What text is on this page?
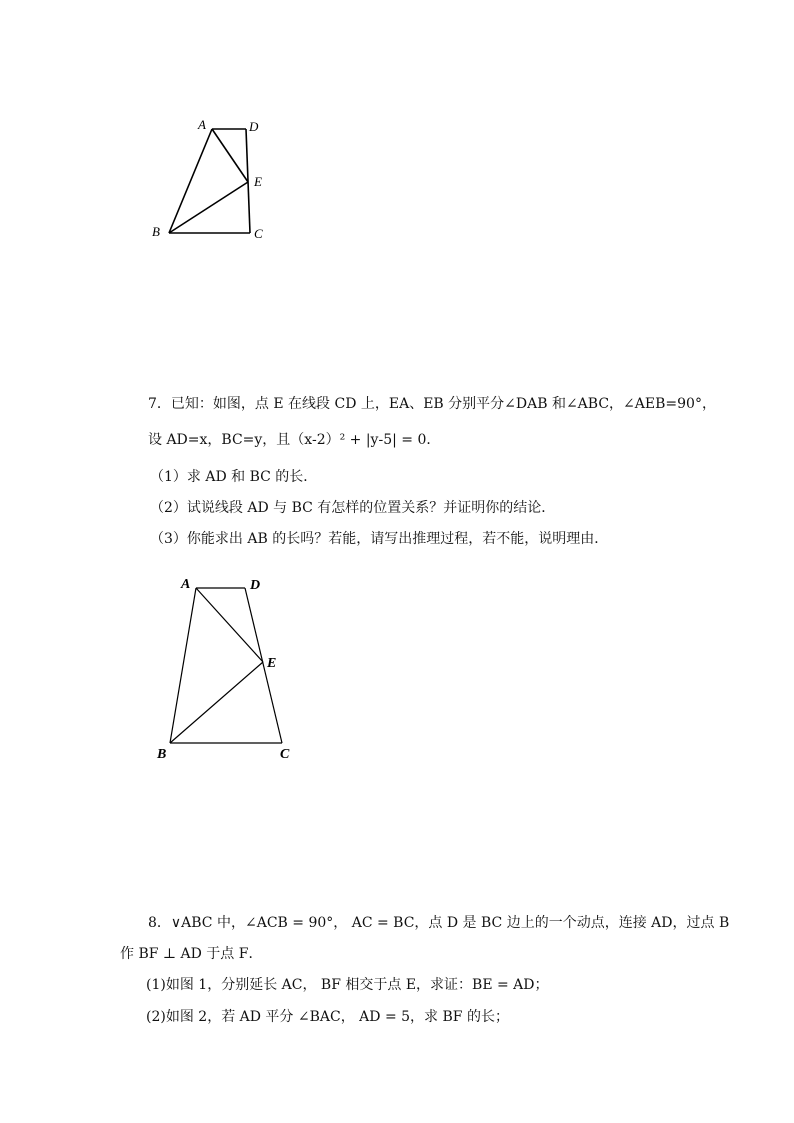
A	D
E
B	C
7．已知：如图，点 E 在线段 CD 上，EA、EB 分别平分∠DAB 和∠ABC，∠AEB=90°，
设 AD=x，BC=y，且（x-2）² + |y-5| = 0．
（1）求 AD 和 BC 的长．
（2）试说线段 AD 与 BC 有怎样的位置关系？并证明你的结论．
（3）你能求出 AB 的长吗？若能，请写出推理过程，若不能，说明理由．
A	D
E
B	C
8．∨ABC 中，∠ACB = 90°， AC = BC，点 D 是 BC 边上的一个动点，连接 AD，过点 B
作 BF ⊥ AD 于点 F．
(1)如图 1，分别延长 AC， BF 相交于点 E，求证：BE = AD；
(2)如图 2，若 AD 平分 ∠BAC， AD = 5，求 BF 的长；
